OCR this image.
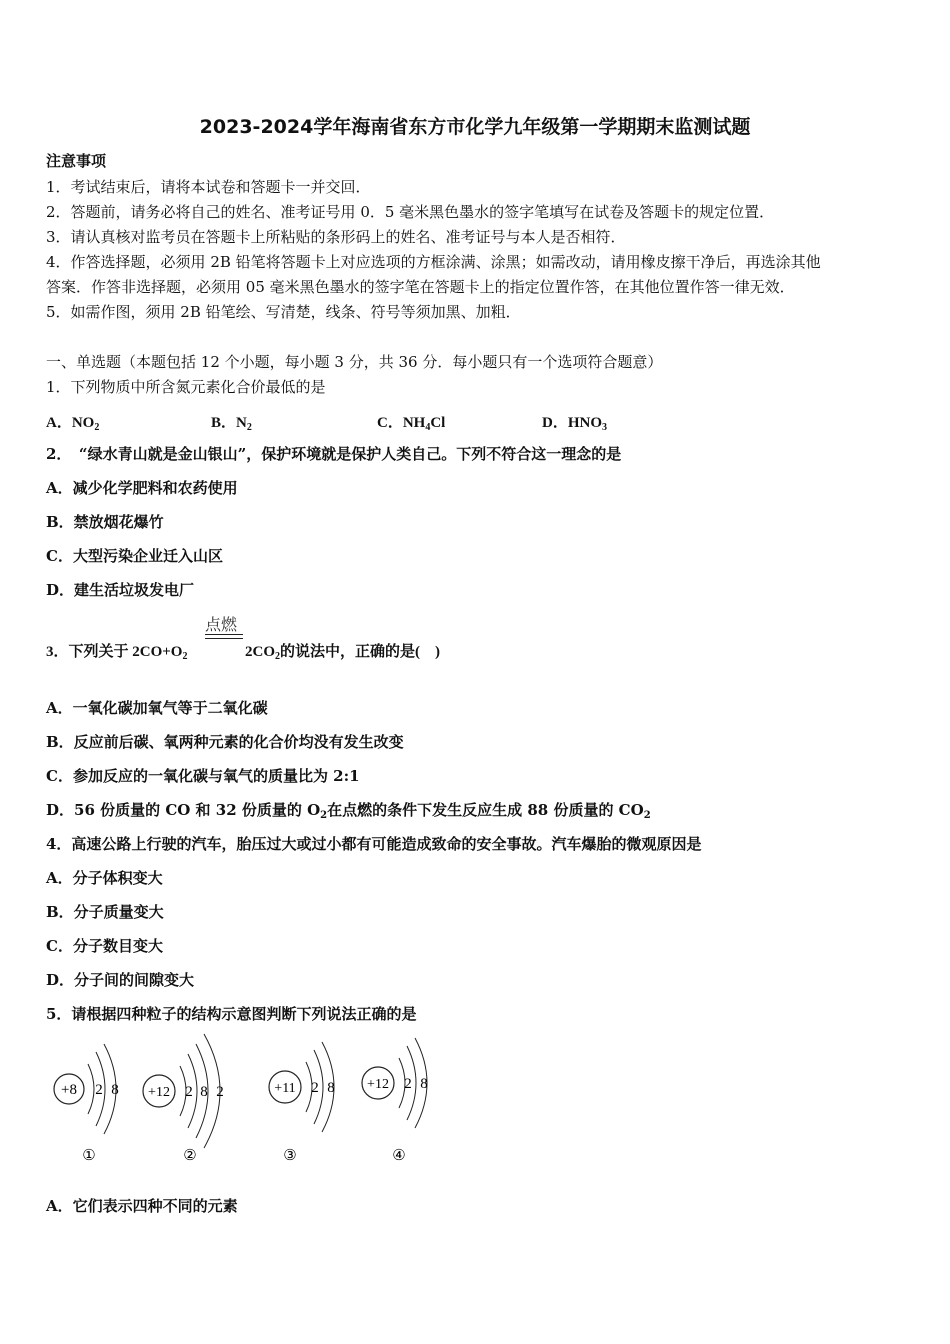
2023-2024学年海南省东方市化学九年级第一学期期末监测试题
注意事项
1．考试结束后，请将本试卷和答题卡一并交回．
2．答题前，请务必将自己的姓名、准考证号用 0．5 毫米黑色墨水的签字笔填写在试卷及答题卡的规定位置．
3．请认真核对监考员在答题卡上所粘贴的条形码上的姓名、准考证号与本人是否相符．
4．作答选择题，必须用 2B 铅笔将答题卡上对应选项的方框涂满、涂黑；如需改动，请用橡皮擦干净后，再选涂其他
答案．作答非选择题，必须用 05 毫米黑色墨水的签字笔在答题卡上的指定位置作答，在其他位置作答一律无效．
5．如需作图，须用 2B 铅笔绘、写清楚，线条、符号等须加黑、加粗．
一、单选题（本题包括 12 个小题，每小题 3 分，共 36 分．每小题只有一个选项符合题意）
1．下列物质中所含氮元素化合价最低的是
A．$NO_2$	B．$N_2$	C．$NH_4Cl$	D．$HNO_3$
2．　“绿水青山就是金山银山”，保护环境就是保护人类自己。下列不符合这一理念的是
A．减少化学肥料和农药使用
B．禁放烟花爆竹
C．大型污染企业迁入山区
D．建生活垃圾发电厂
点燃
3．下列关于 $2CO+O_2$	$2CO_2$的说法中，正确的是(　)
A．一氧化碳加氧气等于二氧化碳
B．反应前后碳、氧两种元素的化合价均没有发生改变
C．参加反应的一氧化碳与氧气的质量比为 2:1
D．56 份质量的 CO 和 32 份质量的 $O_2$在点燃的条件下发生反应生成 88 份质量的 $CO_2$
4．高速公路上行驶的汽车，胎压过大或过小都有可能造成致命的安全事故。汽车爆胎的微观原因是
A．分子体积变大
B．分子质量变大
C．分子数目变大
D．分子间的间隙变大
5．请根据四种粒子的结构示意图判断下列说法正确的是
+8 2 8
①
+12 2 8 2
②
+11 2 8
③
+12 2 8
④
A．它们表示四种不同的元素
